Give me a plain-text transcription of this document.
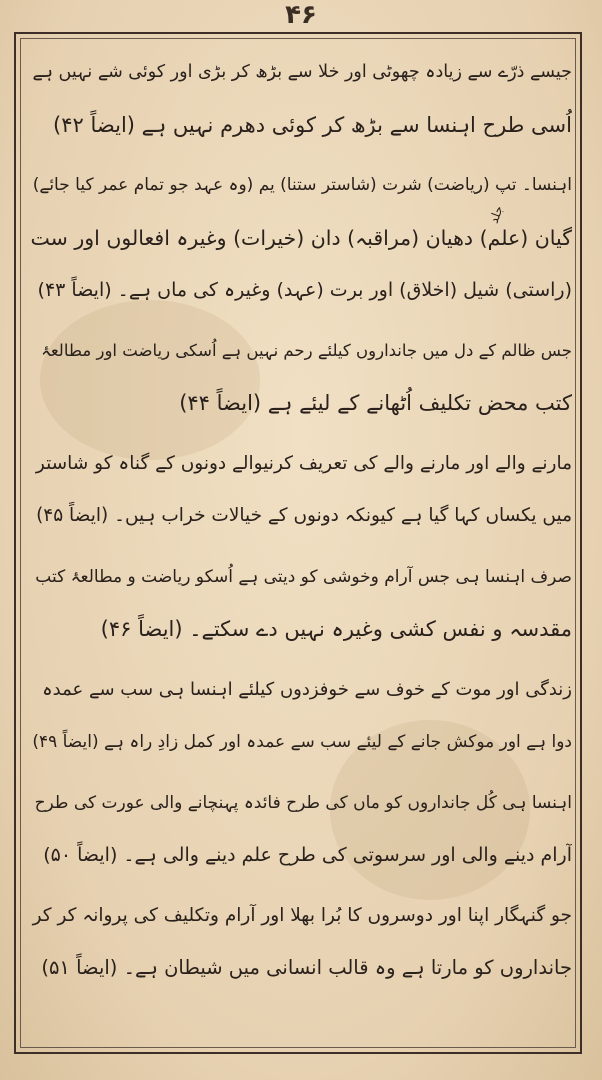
۴۶
جلد
جیسے ذرّے سے زیادہ چھوٹی اور خلا سے بڑھ کر بڑی اور کوئی شے نہیں ہے
اُسی طرح اہنسا سے بڑھ کر کوئی دھرم نہیں ہے (ایضاً ۴۲)
اہنسا۔ تپ (ریاضت) شرت (شاستر ستنا) یم (وہ عہد جو تمام عمر کیا جائے)
گیان (علم) دھیان (مراقبہ) دان (خیرات) وغیرہ افعالوں اور ست
(راستی) شیل (اخلاق) اور برت (عہد) وغیرہ کی ماں ہے۔ (ایضاً ۴۳)
جس ظالم کے دل میں جانداروں کیلئے رحم نہیں ہے اُسکی ریاضت اور مطالعۂ
کتب محض تکلیف اُٹھانے کے لیئے ہے (ایضاً ۴۴)
مارنے والے اور مارنے والے کی تعریف کرنیوالے دونوں کے گناہ کو شاستر
میں یکساں کہا گیا ہے کیونکہ دونوں کے خیالات خراب ہیں۔ (ایضاً ۴۵)
صرف اہنسا ہی جس آرام وخوشی کو دیتی ہے اُسکو ریاضت و مطالعۂ کتب
مقدسہ و نفس کشی وغیرہ نہیں دے سکتے۔ (ایضاً ۴۶)
زندگی اور موت کے خوف سے خوفزدوں کیلئے اہنسا ہی سب سے عمدہ
دوا ہے اور موکش جانے کے لیئے سب سے عمدہ اور کمل زادِ راہ ہے (ایضاً ۴۹)
اہنسا ہی کُل جانداروں کو ماں کی طرح فائدہ پہنچانے والی عورت کی طرح
آرام دینے والی اور سرسوتی کی طرح علم دینے والی ہے۔ (ایضاً ۵۰)
جو گنہگار اپنا اور دوسروں کا بُرا بھلا اور آرام وتکلیف کی پروانہ کر کر
جانداروں کو مارتا ہے وہ قالب انسانی میں شیطان ہے۔ (ایضاً ۵۱)
